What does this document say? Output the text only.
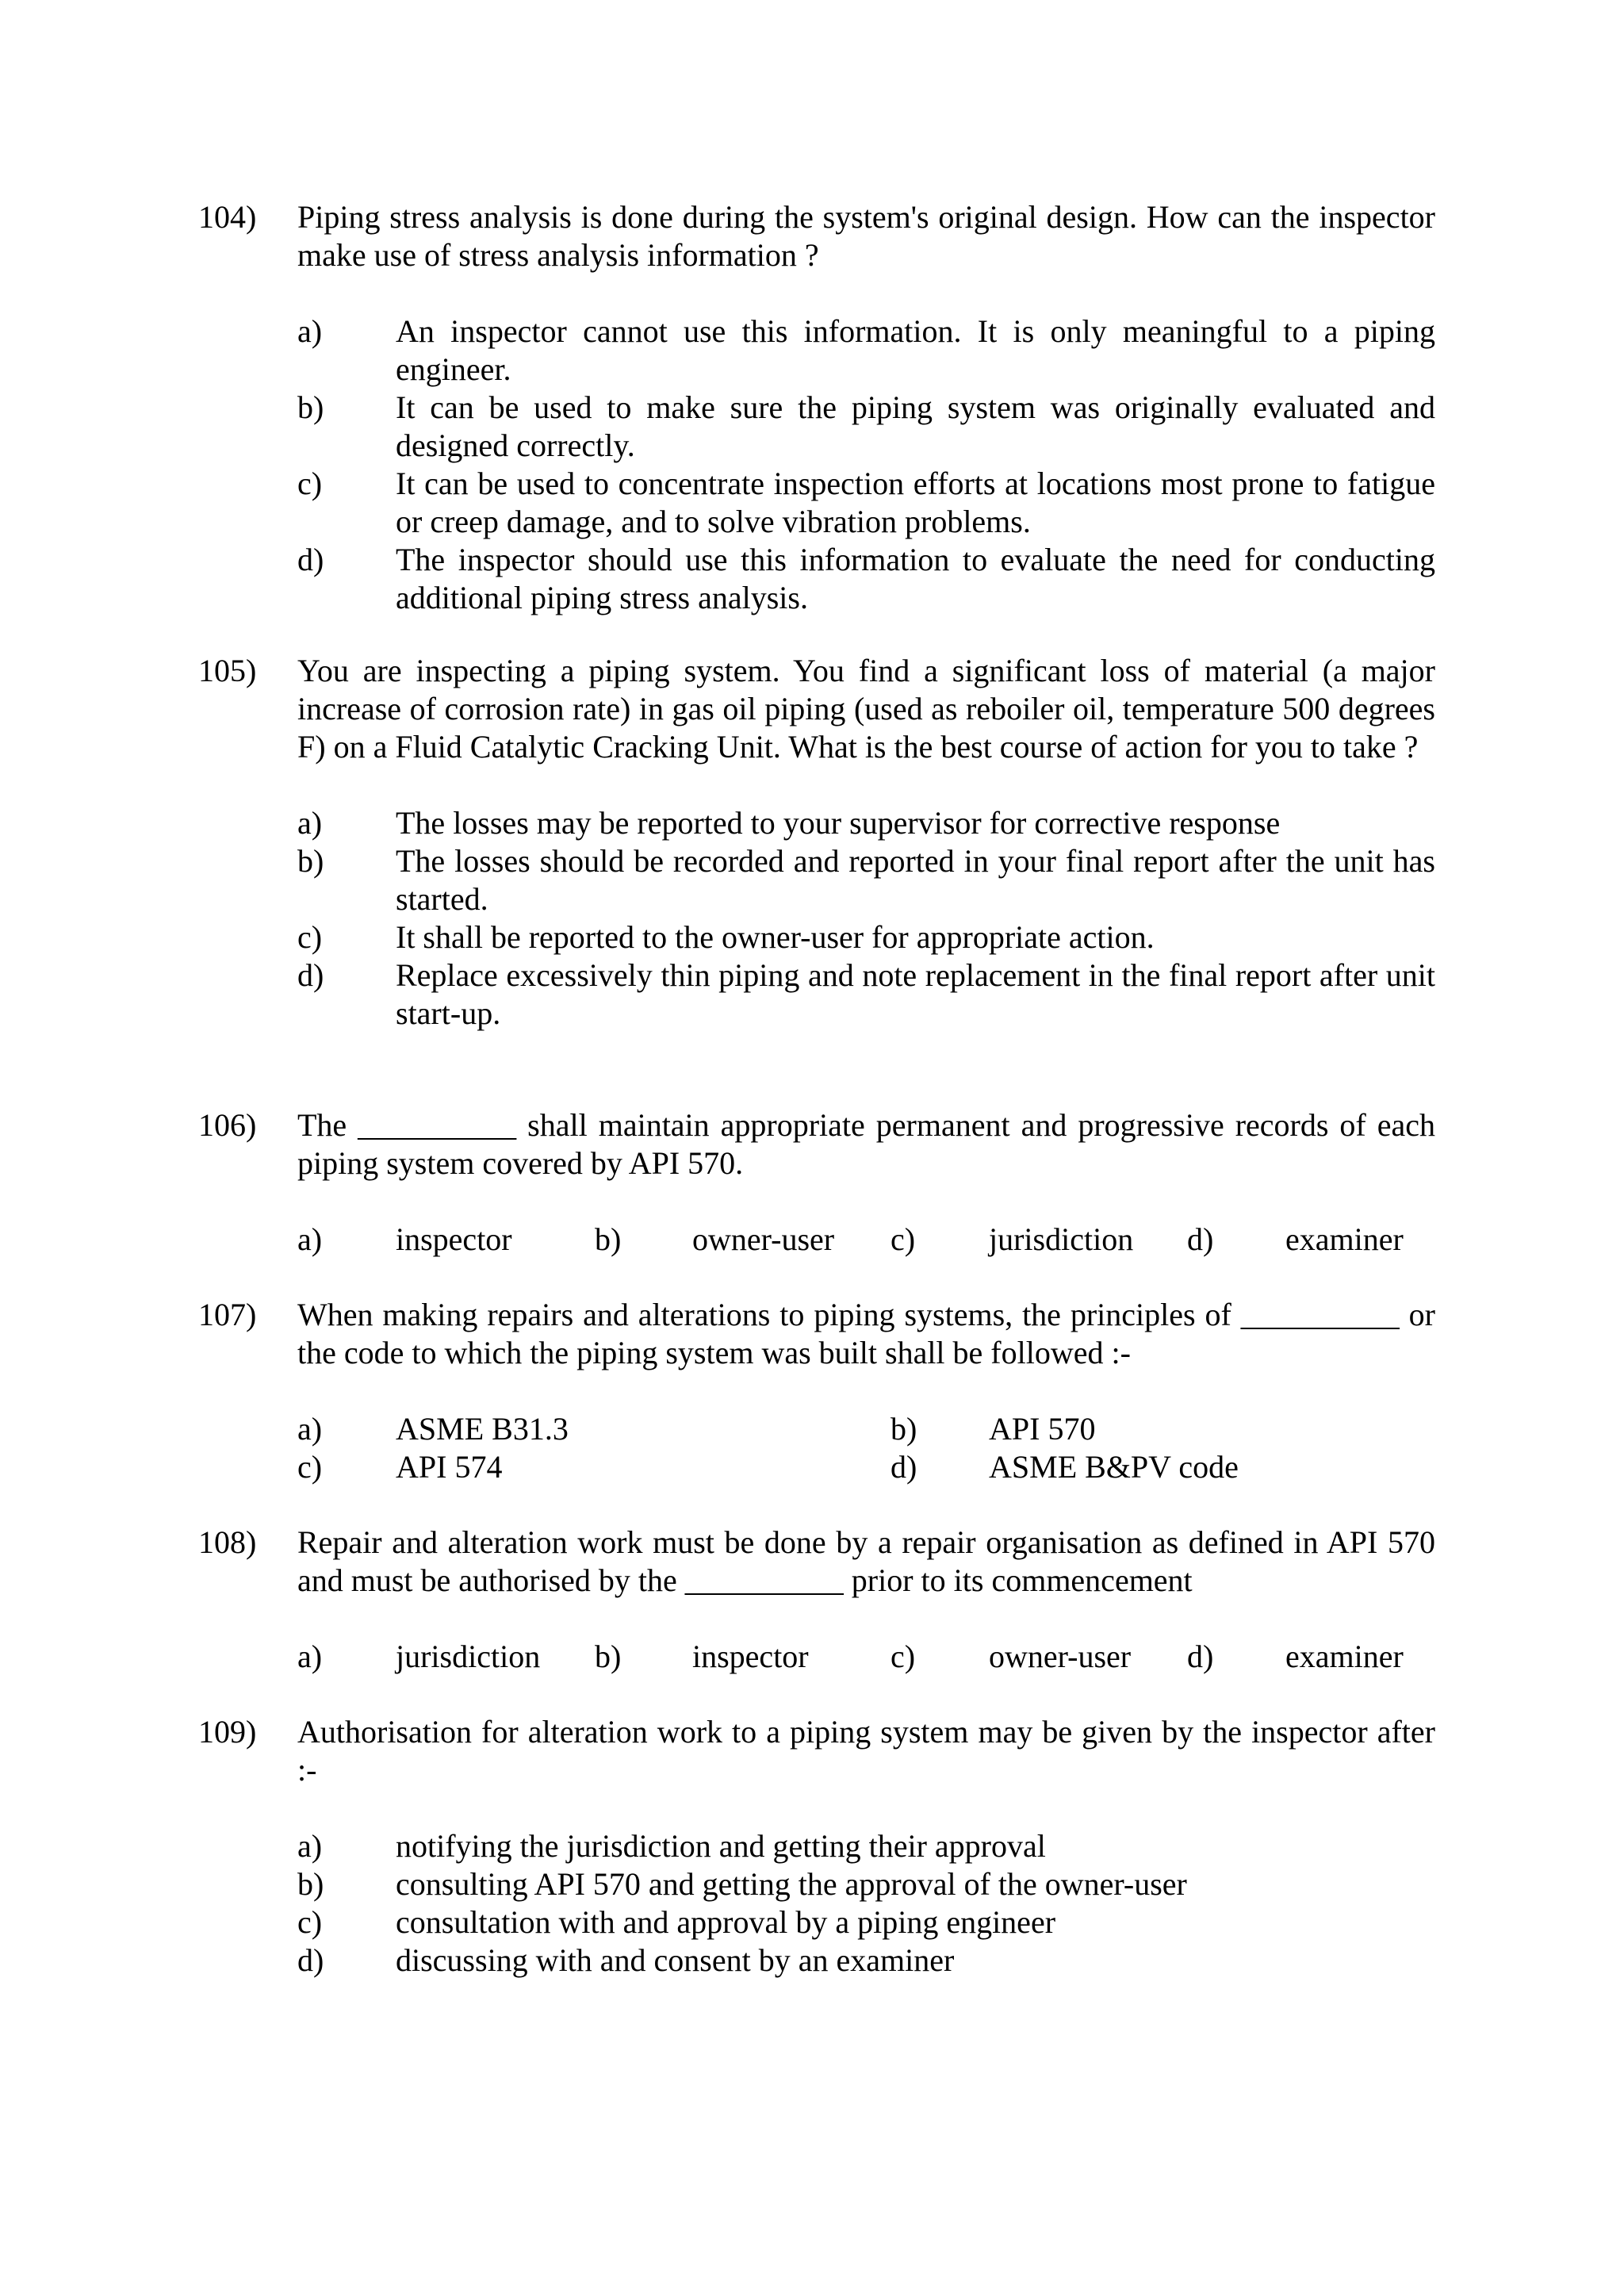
104) Piping stress analysis is done during the system's original design. How can the inspector make use of stress analysis information ?
a)	An inspector cannot use this information. It is only meaningful to a piping engineer.
b)	It can be used to make sure the piping system was originally evaluated and designed correctly.
c)	It can be used to concentrate inspection efforts at locations most prone to fatigue or creep damage, and to solve vibration problems.
d)	The inspector should use this information to evaluate the need for conducting additional piping stress analysis.
105) You are inspecting a piping system. You find a significant loss of material (a major increase of corrosion rate) in gas oil piping (used as reboiler oil, temperature 500 degrees F) on a Fluid Catalytic Cracking Unit. What is the best course of action for you to take ?
a)	The losses may be reported to your supervisor for corrective response
b)	The losses should be recorded and reported in your final report after the unit has started.
c)	It shall be reported to the owner-user for appropriate action.
d)	Replace excessively thin piping and note replacement in the final report after unit start-up.
106) The __________ shall maintain appropriate permanent and progressive records of each piping system covered by API 570.
a) inspector	b) owner-user c) jurisdiction d) examiner
107) When making repairs and alterations to piping systems, the principles of __________ or the code to which the piping system was built shall be followed :-
a) ASME B31.3	b) API 570
c) API 574	d) ASME B&PV code
108) Repair and alteration work must be done by a repair organisation as defined in API 570 and must be authorised by the __________ prior to its commencement
a) jurisdiction b) inspector	c) owner-user d) examiner
109) Authorisation for alteration work to a piping system may be given by the inspector after :-
a)	notifying the jurisdiction and getting their approval
b)	consulting API 570 and getting the approval of the owner-user
c)	consultation with and approval by a piping engineer
d)	discussing with and consent by an examiner
